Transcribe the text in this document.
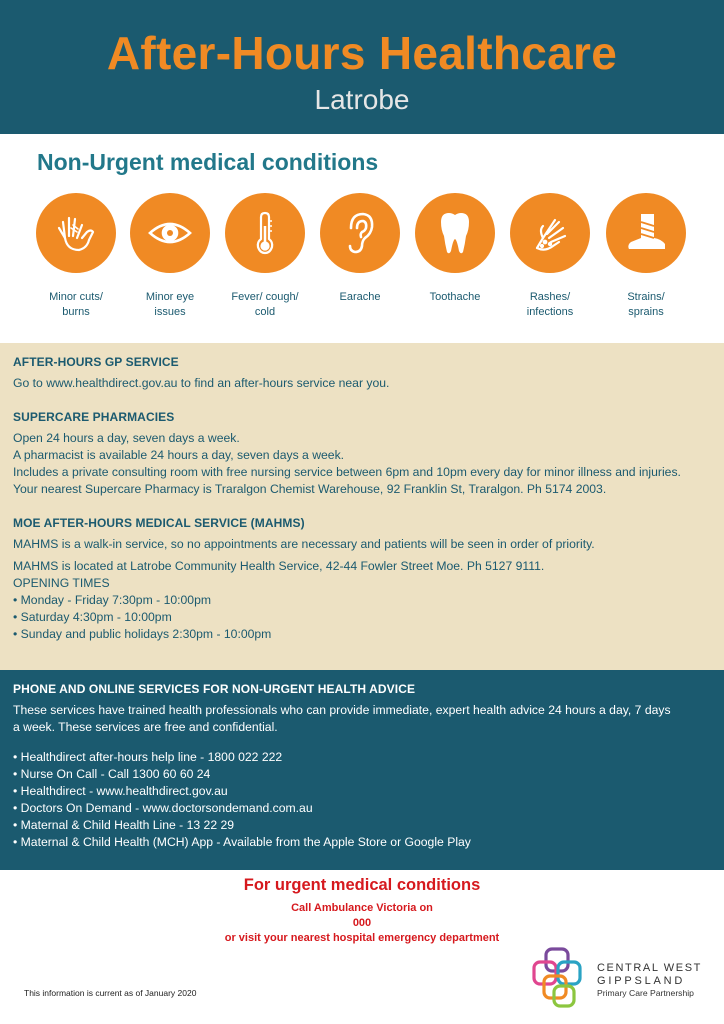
After-Hours Healthcare
Latrobe
Non-Urgent medical conditions
Minor cuts/
burns
Minor eye
issues
Fever/ cough/
cold
Earache	Toothache	Rashes/
infections
Strains/
sprains
AFTER-HOURS GP SERVICE

Go to www.healthdirect.gov.au to find an after-hours service near you.

SUPERCARE PHARMACIES

Open 24 hours a day, seven days a week.

A pharmacist is available 24 hours a day, seven days a week.

Includes a private consulting room with free nursing service between 6pm and 10pm every day for minor illness and injuries.

Your nearest Supercare Pharmacy is Traralgon Chemist Warehouse, 92 Franklin St, Traralgon. Ph 5174 2003.

MOE AFTER-HOURS MEDICAL SERVICE (MAHMS)

MAHMS is a walk-in service, so no appointments are necessary and patients will be seen in order of priority.

MAHMS is located at Latrobe Community Health Service, 42-44 Fowler Street Moe. Ph 5127 9111.

OPENING TIMES

• Monday - Friday 7:30pm - 10:00pm

• Saturday 4:30pm - 10:00pm

• Sunday and public holidays 2:30pm - 10:00pm

PHONE AND ONLINE SERVICES FOR NON-URGENT HEALTH ADVICE

These services have trained health professionals who can provide immediate, expert health advice 24 hours a day, 7 days a week. These services are free and confidential.

• Healthdirect after-hours help line - 1800 022 222

• Nurse On Call - Call 1300 60 60 24

• Healthdirect - www.healthdirect.gov.au

• Doctors On Demand - www.doctorsondemand.com.au

• Maternal & Child Health Line - 13 22 29

• Maternal & Child Health (MCH) App - Available from the Apple Store or Google Play

For urgent medical conditions
Call Ambulance Victoria on
000
or visit your nearest hospital emergency department
This information is current as of January 2020
CENTRAL WEST
GIPPSLAND
Primary Care Partnership
